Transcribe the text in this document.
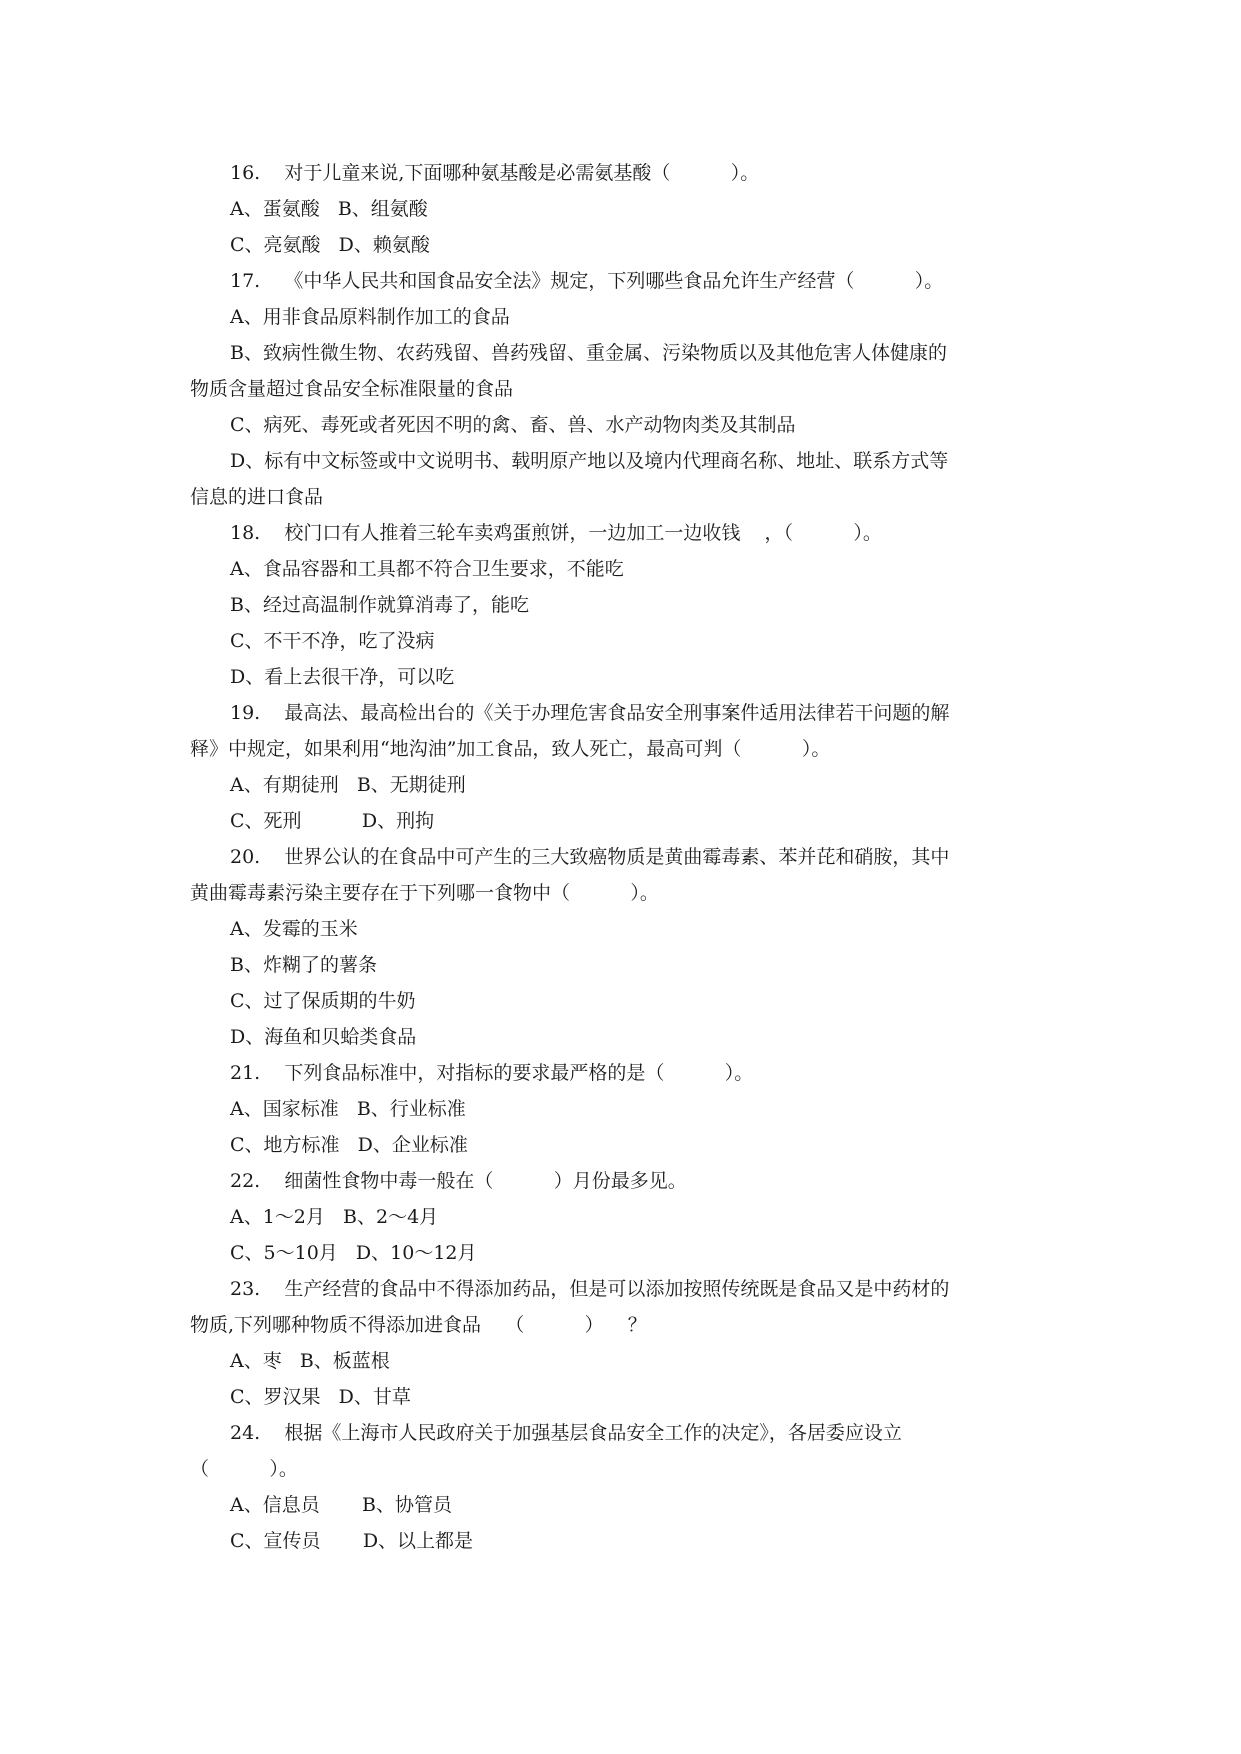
16.    对于儿童来说,下面哪种氨基酸是必需氨基酸（          ）。
A、蛋氨酸   B、组氨酸
C、亮氨酸   D、赖氨酸
17.    《中华人民共和国食品安全法》规定，下列哪些食品允许生产经营（          ）。
A、用非食品原料制作加工的食品
B、致病性微生物、农药残留、兽药残留、重金属、污染物质以及其他危害人体健康的
物质含量超过食品安全标准限量的食品
C、病死、毒死或者死因不明的禽、畜、兽、水产动物肉类及其制品
D、标有中文标签或中文说明书、载明原产地以及境内代理商名称、地址、联系方式等
信息的进口食品
18.    校门口有人推着三轮车卖鸡蛋煎饼，一边加工一边收钱    ，（          ）。
A、食品容器和工具都不符合卫生要求，不能吃
B、经过高温制作就算消毒了，能吃
C、不干不净，吃了没病
D、看上去很干净，可以吃
19.    最高法、最高检出台的《关于办理危害食品安全刑事案件适用法律若干问题的解
释》中规定，如果利用“地沟油”加工食品，致人死亡，最高可判（          ）。
A、有期徒刑   B、无期徒刑
C、死刑          D、刑拘
20.    世界公认的在食品中可产生的三大致癌物质是黄曲霉毒素、苯并芘和硝胺，其中
黄曲霉毒素污染主要存在于下列哪一食物中（          ）。
A、发霉的玉米
B、炸糊了的薯条
C、过了保质期的牛奶
D、海鱼和贝蛤类食品
21.    下列食品标准中，对指标的要求最严格的是（          ）。
A、国家标准   B、行业标准
C、地方标准   D、企业标准
22.    细菌性食物中毒一般在（          ）月份最多见。
A、1～2月   B、2～4月
C、5～10月   D、10～12月
23.    生产经营的食品中不得添加药品，但是可以添加按照传统既是食品又是中药材的
物质,下列哪种物质不得添加进食品    （          ）    ？
A、枣   B、板蓝根
C、罗汉果   D、甘草
24.    根据《上海市人民政府关于加强基层食品安全工作的决定》，各居委应设立
（          ）。
A、信息员       B、协管员
C、宣传员       D、以上都是
